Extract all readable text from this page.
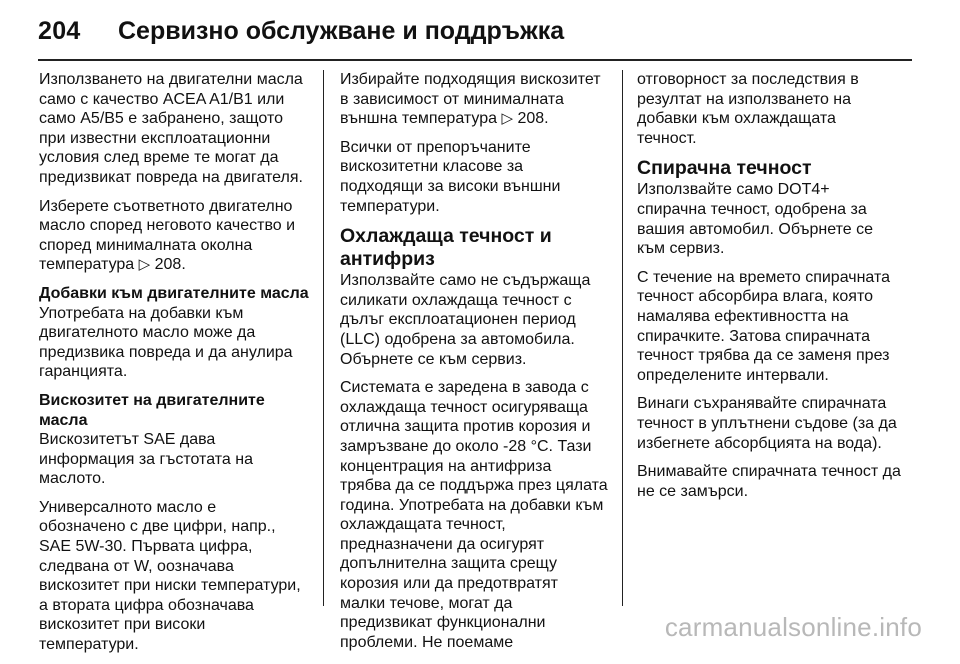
204 Сервизно обслужване и поддръжка

Използването на двигателни масла
само с качество ACEA A1/B1 или
само A5/B5 е забранено, защото
при известни експлоатационни
условия след време те могат да
предизвикат повреда на двигателя.

Изберете съответното двигателно
масло според неговото качество и
според минималната околна
температура ▷ 208.

Добавки към двигателните масла

Употребата на добавки към
двигателното масло може да
предизвика повреда и да анулира
гаранцията.

Вискозитет на двигателните масла

Вискозитетът SAE дава
информация за гъстотата на
маслото.

Универсалното масло е
обозначено с две цифри, напр.,
SAE 5W-30. Първата цифра,
следвана от W, оозначава
вискозитет при ниски температури,
а втората цифра обозначава
вискозитет при високи
температури.

Избирайте подходящия вискозитет
в зависимост от минималната
външна температура ▷ 208.

Всички от препоръчаните
вискозитетни класове за
подходящи за високи външни
температури.

Охлаждаща течност и
антифриз

Използвайте само не съдържаща
силикати охлаждаща течност с
дълъг експлоатационен период
(LLC) одобрена за автомобила.
Обърнете се към сервиз.

Системата е заредена в завода с
охлаждаща течност осигуряваща
отлична защита против корозия и
замръзване до около -28 °C. Тази
концентрация на антифриза
трябва да се поддържа през цялата
година. Употребата на добавки към
охлаждащата течност,
предназначени да осигурят
допълнителна защита срещу
корозия или да предотвратят
малки течове, могат да
предизвикат функционални
проблеми. Не поемаме

отговорност за последствия в
резултат на използването на
добавки към охлаждащата
течност.

Спирачна течност

Използвайте само DOT4+
спирачна течност, одобрена за
вашия автомобил. Обърнете се
към сервиз.

С течение на времето спирачната
течност абсорбира влага, която
намалява ефективността на
спирачките. Затова спирачната
течност трябва да се заменя през
определените интервали.

Винаги съхранявайте спирачната
течност в уплътнени съдове (за да
избегнете абсорбцията на вода).

Внимавайте спирачната течност да
не се замърси.

carmanualsonline.info
